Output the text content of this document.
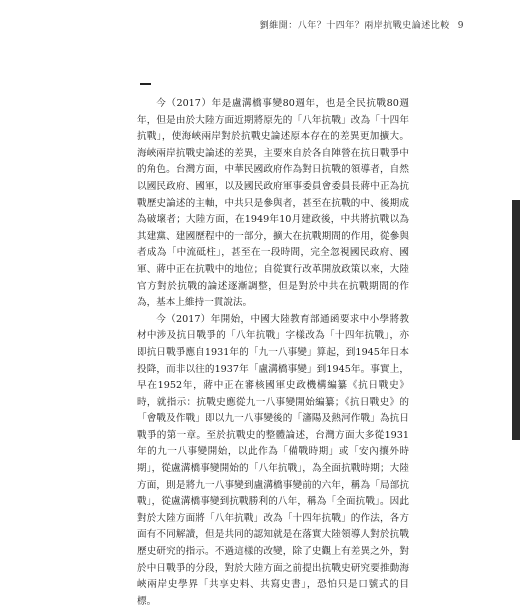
劉維開：八年？十四年？兩岸抗戰史論述比較 9

今（2017）年是盧溝橋事變80週年，也是全民抗戰80週年，但是由於大陸方面近期將原先的「八年抗戰」改為「十四年抗戰」，使海峽兩岸對於抗戰史論述原本存在的差異更加擴大。海峽兩岸抗戰史論述的差異，主要來自於各自陣營在抗日戰爭中的角色。台灣方面，中華民國政府作為對日抗戰的領導者，自然以國民政府、國軍，以及國民政府軍事委員會委員長蔣中正為抗戰歷史論述的主軸，中共只是參與者，甚至在抗戰的中、後期成為破壞者；大陸方面，在1949年10月建政後，中共將抗戰以為其建黨、建國歷程中的一部分，擴大在抗戰期間的作用，從參與者成為「中流砥柱」，甚至在一段時間，完全忽視國民政府、國軍、蔣中正在抗戰中的地位；自從實行改革開放政策以來，大陸官方對於抗戰的論述逐漸調整，但是對於中共在抗戰期間的作為，基本上維持一貫說法。

今（2017）年開始，中國大陸教育部通函要求中小學將教材中涉及抗日戰爭的「八年抗戰」字樣改為「十四年抗戰」，亦即抗日戰爭應自1931年的「九一八事變」算起，到1945年日本投降，而非以往的1937年「盧溝橋事變」到1945年。事實上，早在1952年，蔣中正在審核國軍史政機構編纂《抗日戰史》時，就指示：抗戰史應從九一八事變開始編纂；《抗日戰史》的「會戰及作戰」即以九一八事變後的「瀋陽及熱河作戰」為抗日戰爭的第一章。至於抗戰史的整體論述，台灣方面大多從1931年的九一八事變開始，以此作為「備戰時期」或「安內攘外時期」，從盧溝橋事變開始的「八年抗戰」，為全面抗戰時期；大陸方面，則是將九一八事變到盧溝橋事變前的六年，稱為「局部抗戰」，從盧溝橋事變到抗戰勝利的八年，稱為「全面抗戰」。因此對於大陸方面將「八年抗戰」改為「十四年抗戰」的作法，各方面有不同解讀，但是共同的認知就是在落實大陸領導人對於抗戰歷史研究的指示。不過這樣的改變，除了史觀上有差異之外，對於中日戰爭的分段，對於大陸方面之前提出抗戰史研究要推動海峽兩岸史學界「共享史料、共寫史書」，恐怕只是口號式的目標。
